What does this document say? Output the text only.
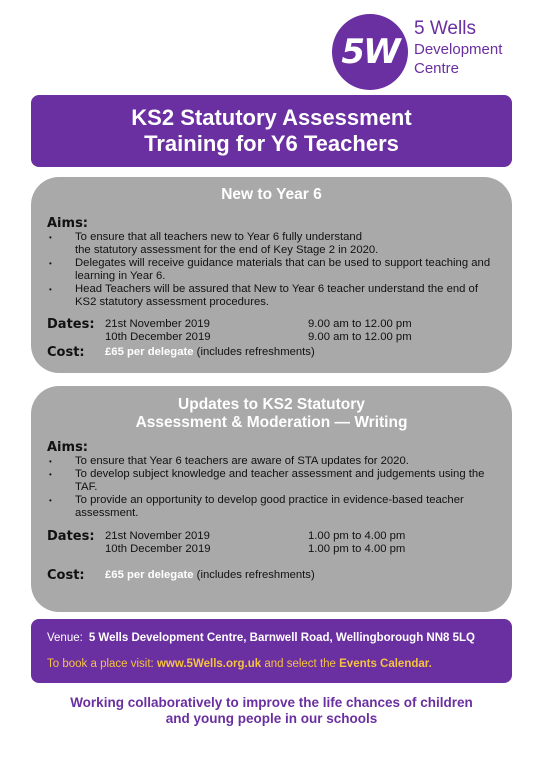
5W
5 Wells
Development
Centre
KS2 Statutory Assessment
Training for Y6 Teachers
New to Year 6
Aims:
• To ensure that all teachers new to Year 6 fully understand
the statutory assessment for the end of Key Stage 2 in 2020.
• Delegates will receive guidance materials that can be used to support teaching and learning in Year 6.
• Head Teachers will be assured that New to Year 6 teacher understand the end of KS2 statutory assessment procedures.
Dates: 21st November 2019	9.00 am to 12.00 pm
10th December 2019	9.00 am to 12.00 pm
Cost:	£65 per delegate (includes refreshments)
Updates to KS2 Statutory
Assessment & Moderation — Writing
Aims:
• To ensure that Year 6 teachers are aware of STA updates for 2020.
• To develop subject knowledge and teacher assessment and judgements using the TAF.
• To provide an opportunity to develop good practice in evidence-based teacher assessment.
Dates: 21st November 2019	1.00 pm to 4.00 pm
10th December 2019	1.00 pm to 4.00 pm
Cost:	£65 per delegate (includes refreshments)
Venue: 5 Wells Development Centre, Barnwell Road, Wellingborough NN8 5LQ
To book a place visit: www.5Wells.org.uk and select the Events Calendar.
Working collaboratively to improve the life chances of children
and young people in our schools
